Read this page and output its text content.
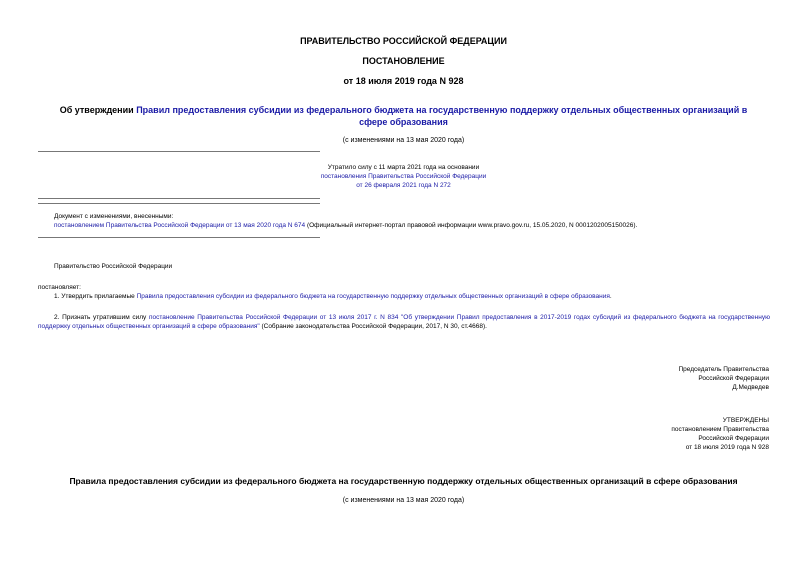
ПРАВИТЕЛЬСТВО РОССИЙСКОЙ ФЕДЕРАЦИИ
ПОСТАНОВЛЕНИЕ
от 18 июля 2019 года N 928
Об утверждении Правил предоставления субсидии из федерального бюджета на государственную поддержку отдельных общественных организаций в сфере образования
(с изменениями на 13 мая 2020 года)
Утратило силу с 11 марта 2021 года на основании
постановления Правительства Российской Федерации
от 26 февраля 2021 года N 272
Документ с изменениями, внесенными:
постановлением Правительства Российской Федерации от 13 мая 2020 года N 674 (Официальный интернет-портал правовой информации www.pravo.gov.ru, 15.05.2020, N 0001202005150026).
Правительство Российской Федерации
постановляет:
1. Утвердить прилагаемые Правила предоставления субсидии из федерального бюджета на государственную поддержку отдельных общественных организаций в сфере образования.
2. Признать утратившим силу постановление Правительства Российской Федерации от 13 июля 2017 г. N 834 "Об утверждении Правил предоставления в 2017-2019 годах субсидий из федерального бюджета на государственную поддержку отдельных общественных организаций в сфере образования" (Собрание законодательства Российской Федерации, 2017, N 30, ст.4668).
Председатель Правительства
Российской Федерации
Д.Медведев
УТВЕРЖДЕНЫ
постановлением Правительства
Российской Федерации
от 18 июля 2019 года N 928
Правила предоставления субсидии из федерального бюджета на государственную поддержку отдельных общественных организаций в сфере образования
(с изменениями на 13 мая 2020 года)
